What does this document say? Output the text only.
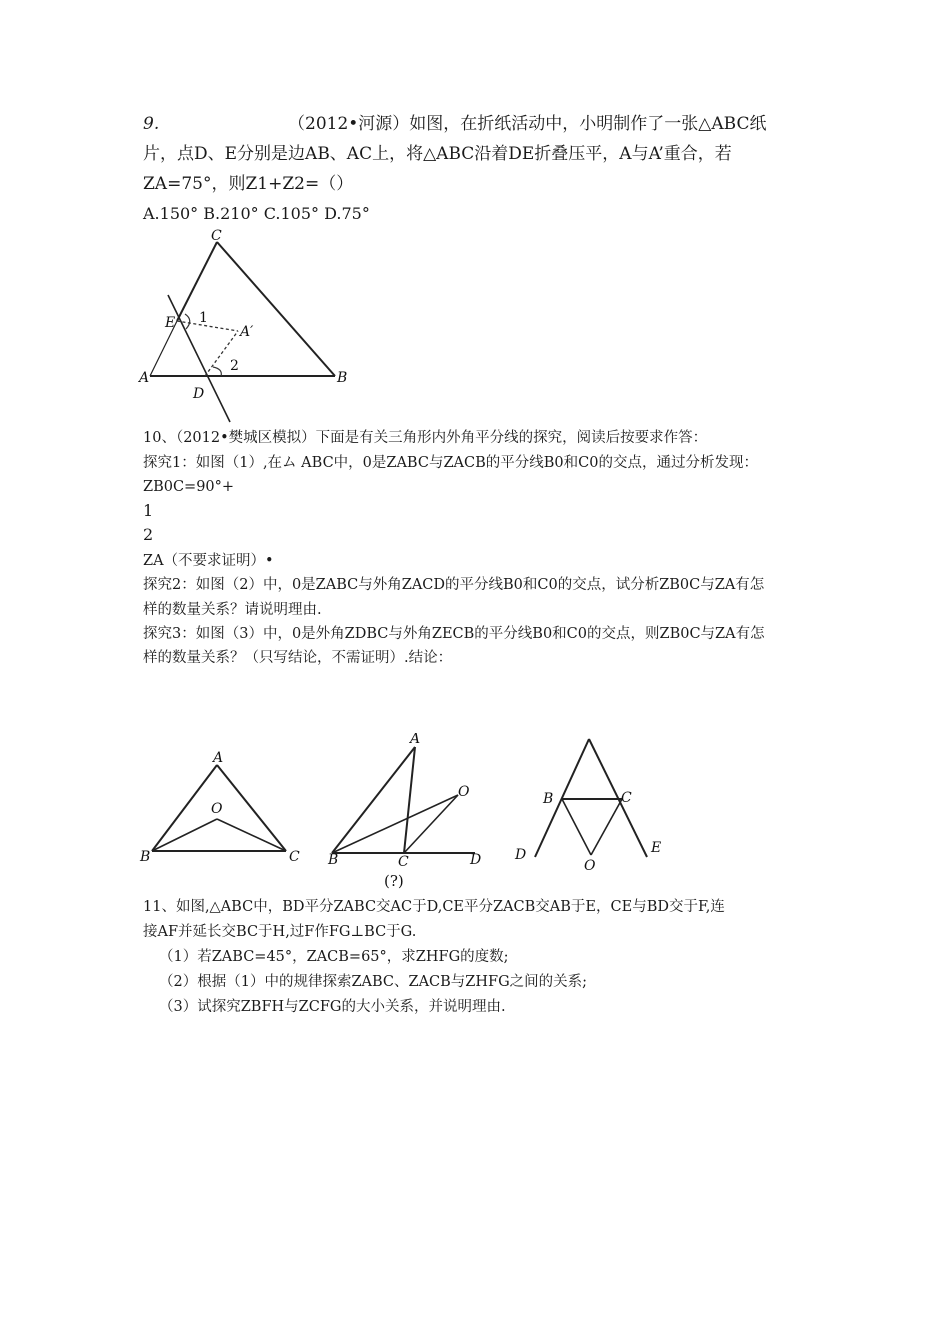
9.	（2012•河源）如图，在折纸活动中，小明制作了一张△ABC纸
片，点D、E分别是边AB、AC上，将△ABC沿着DE折叠压平，A与A’重合，若
ZA=75°，则Z1+Z2=（）
A.150° B.210° C.105° D.75°
C
E 1
A′
2
A
D
B
10、（2012•樊城区模拟）下面是有关三角形内外角平分线的探究，阅读后按要求作答：
探究1：如图（1）,在ム ABC中，0是ZABC与ZACB的平分线B0和C0的交点，通过分析发现：
ZB0C=90°+
1
2
ZA（不要求证明）•
探究2：如图（2）中，0是ZABC与外角ZACD的平分线B0和C0的交点，试分析ZB0C与ZA有怎
样的数量关系？请说明理由.
探究3：如图（3）中，0是外角ZDBC与外角ZECB的平分线B0和C0的交点，则ZB0C与ZA有怎
样的数量关系？（只写结论，不需证明）.结论：
A
O
B	C
A
O
B	C	D
(?)
B	C
D
O
E
11、如图,△ABC中，BD平分ZABC交AC于D,CE平分ZACB交AB于E，CE与BD交于F,连
接AF并延长交BC于H,过F作FG⊥BC于G.
（1）若ZABC=45°，ZACB=65°，求ZHFG的度数;
（2）根据（1）中的规律探索ZABC、ZACB与ZHFG之间的关系;
（3）试探究ZBFH与ZCFG的大小关系，并说明理由.
